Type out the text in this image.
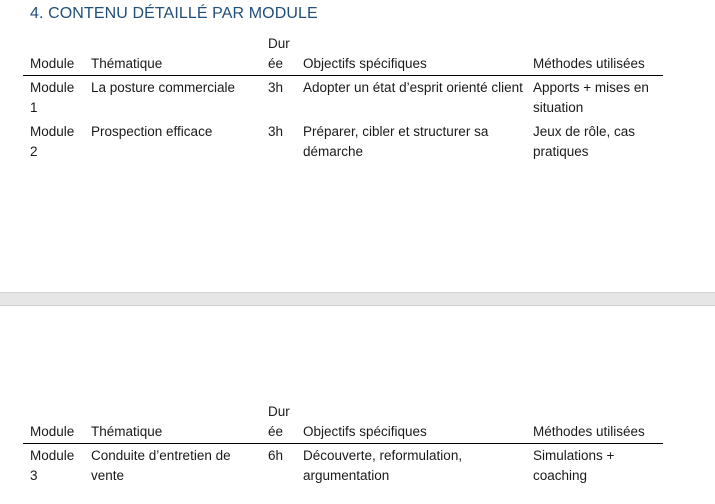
4. CONTENU DÉTAILLÉ PAR MODULE
Module	Thématique	Durée	Objectifs spécifiques	Méthodes utilisées
Module 1	La posture commerciale	3h	Adopter un état d’esprit orienté client	Apports + mises en situation
Module 2	Prospection efficace	3h	Préparer, cibler et structurer sa démarche	Jeux de rôle, cas pratiques
Module	Thématique	Durée	Objectifs spécifiques	Méthodes utilisées
Module 3	Conduite d’entretien de vente	6h	Découverte, reformulation, argumentation	Simulations + coaching
